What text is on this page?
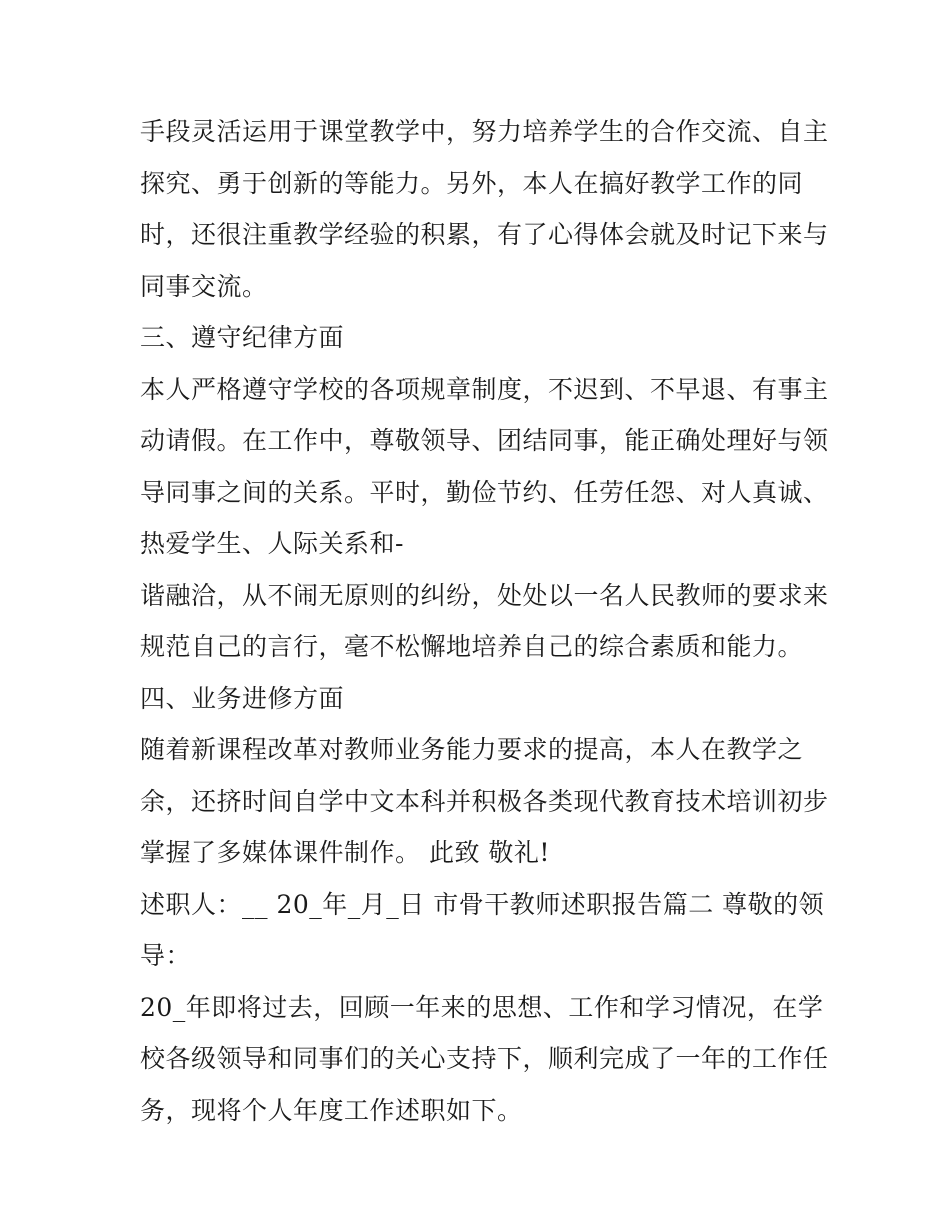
手段灵活运用于课堂教学中，努力培养学生的合作交流、自主
探究、勇于创新的等能力。另外，本人在搞好教学工作的同
时，还很注重教学经验的积累，有了心得体会就及时记下来与
同事交流。
三、遵守纪律方面
本人严格遵守学校的各项规章制度，不迟到、不早退、有事主
动请假。在工作中，尊敬领导、团结同事，能正确处理好与领
导同事之间的关系。平时，勤俭节约、任劳任怨、对人真诚、
热爱学生、人际关系和-
谐融洽，从不闹无原则的纠纷，处处以一名人民教师的要求来
规范自己的言行，毫不松懈地培养自己的综合素质和能力。
四、业务进修方面
随着新课程改革对教师业务能力要求的提高，本人在教学之
余，还挤时间自学中文本科并积极各类现代教育技术培训初步
掌握了多媒体课件制作。 此致 敬礼!
述职人：__ 20_年_月_日 市骨干教师述职报告篇二 尊敬的领
导：
20_年即将过去，回顾一年来的思想、工作和学习情况，在学
校各级领导和同事们的关心支持下，顺利完成了一年的工作任
务，现将个人年度工作述职如下。
